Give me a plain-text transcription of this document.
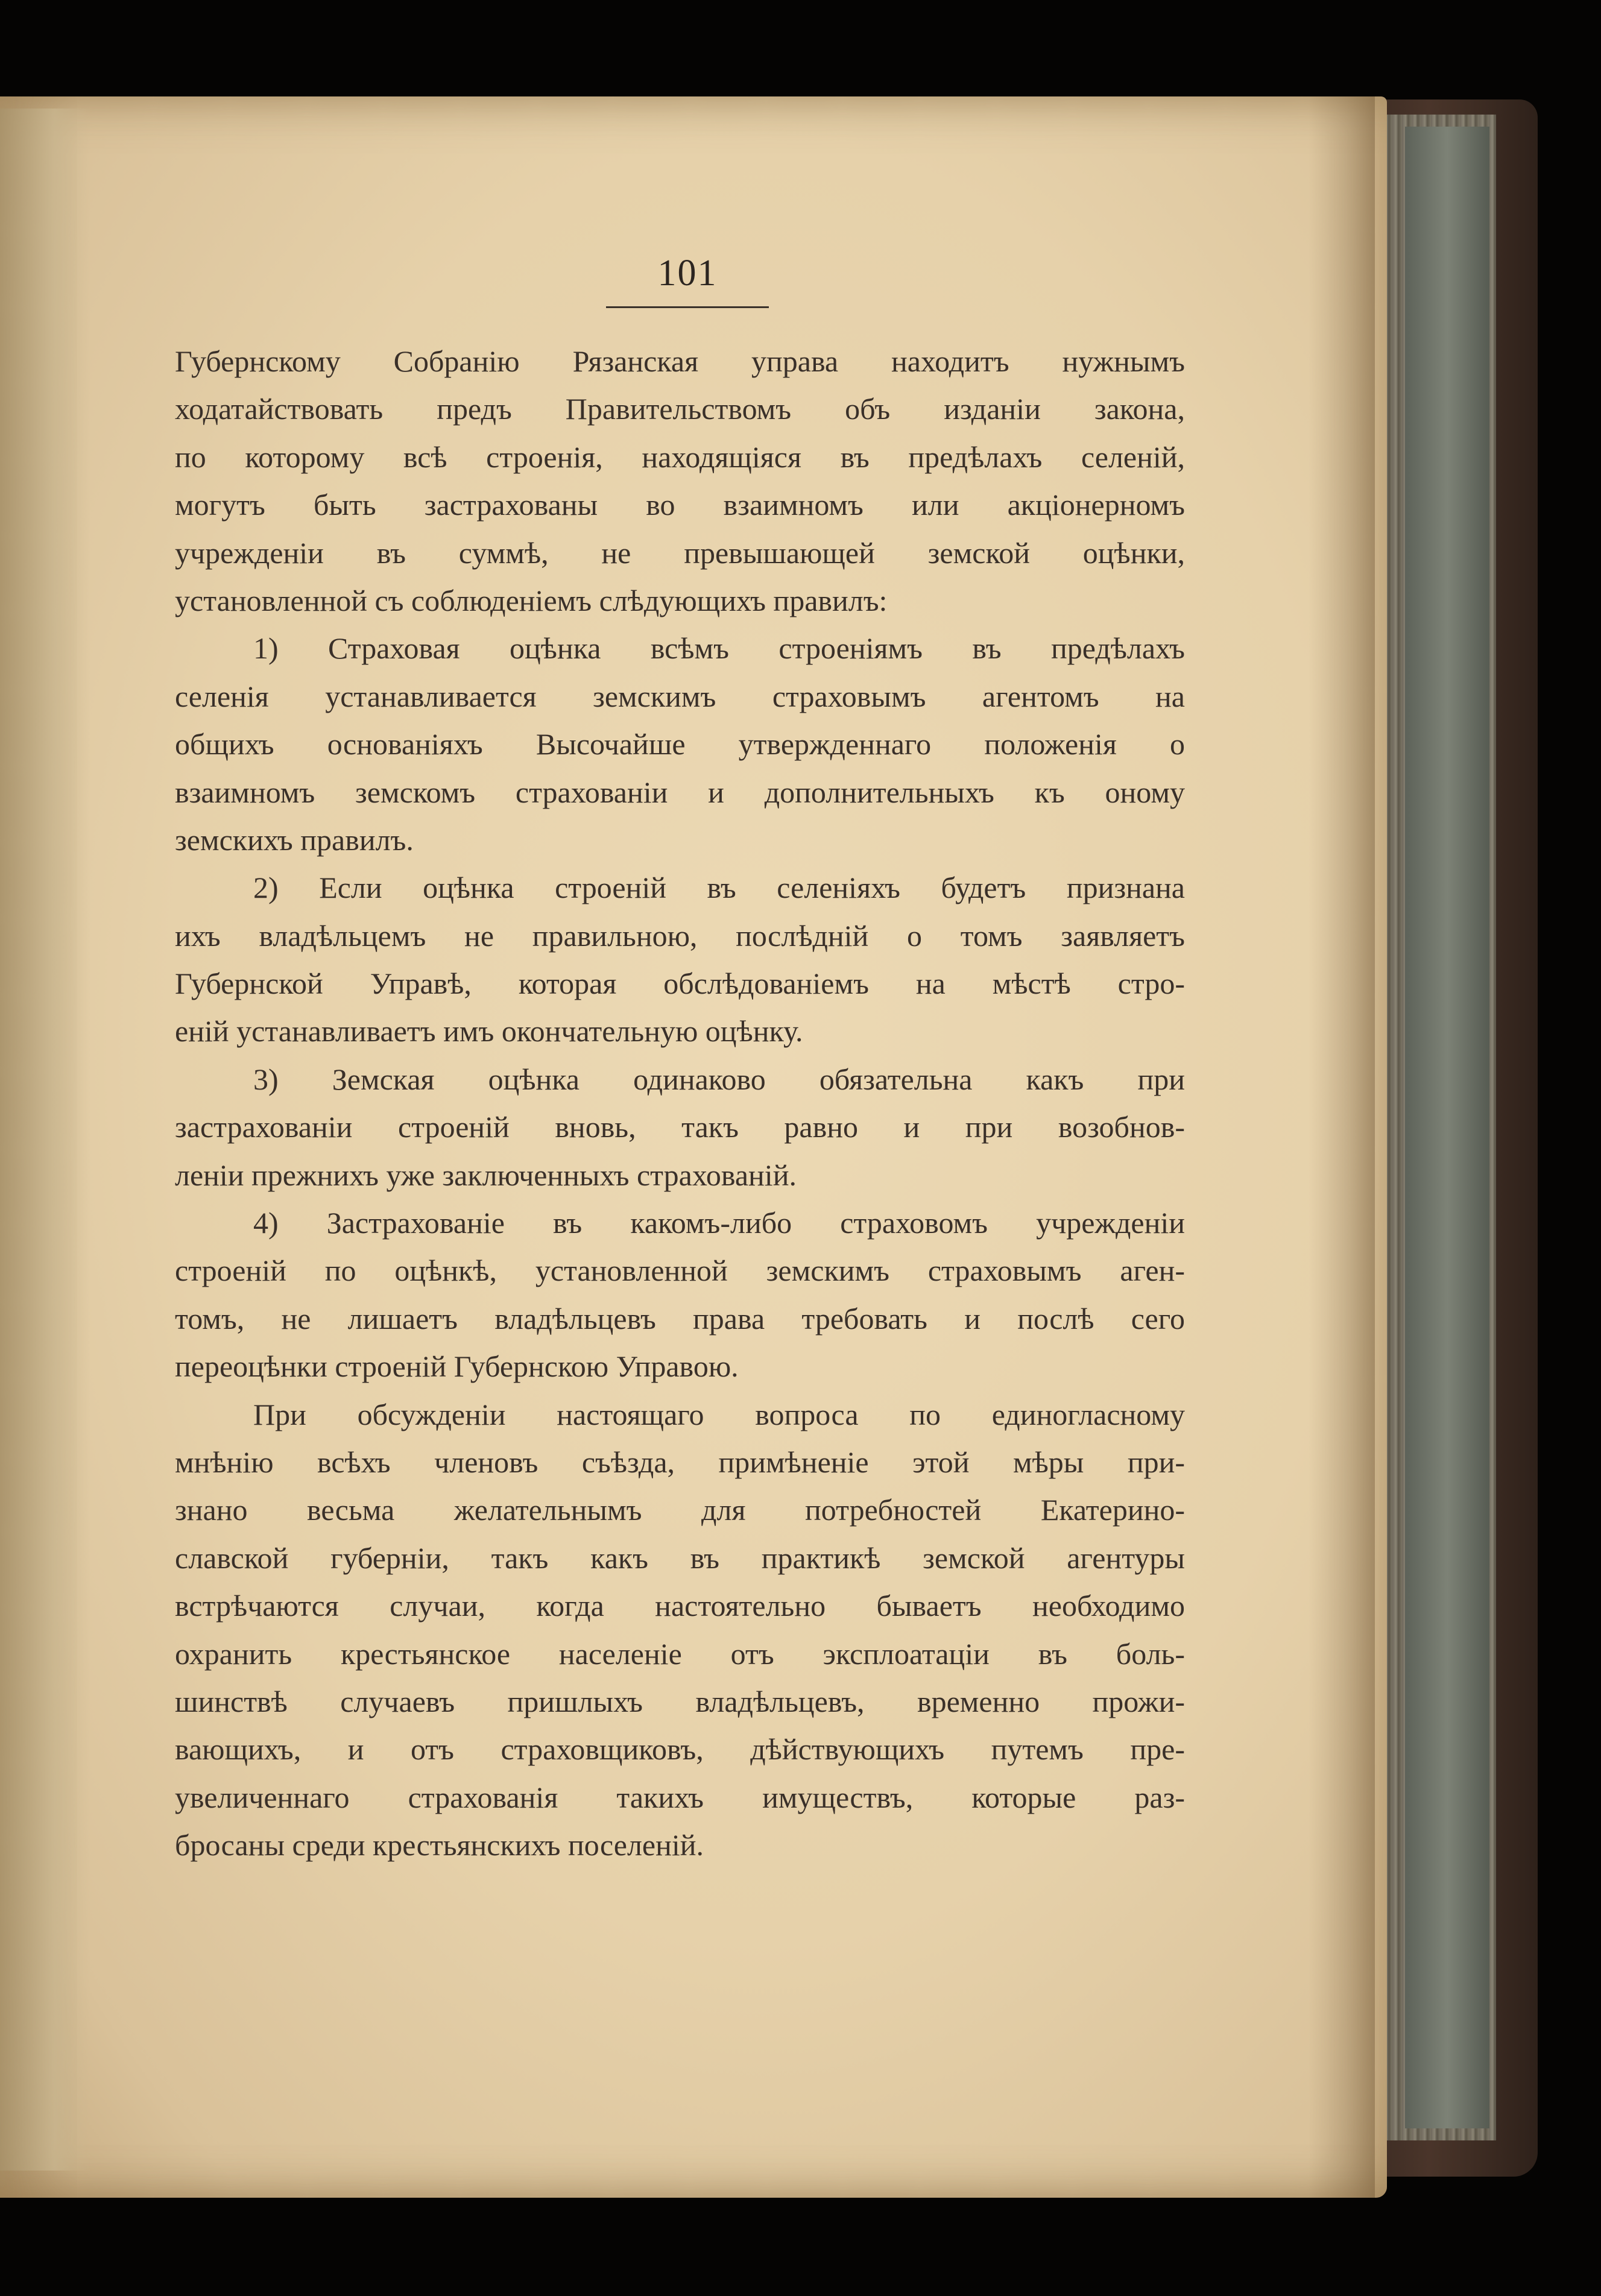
101
Губернскому Собранію Рязанская управа находитъ нужнымъ
ходатайствовать предъ Правительствомъ объ изданіи закона,
по которому всѣ строенія, находящіяся въ предѣлахъ селеній,
могутъ быть застрахованы во взаимномъ или акціонерномъ
учрежденіи въ суммѣ, не превышающей земской оцѣнки,
установленной съ соблюденіемъ слѣдующихъ правилъ:
1) Страховая оцѣнка всѣмъ строеніямъ въ предѣлахъ
селенія устанавливается земскимъ страховымъ агентомъ на
общихъ основаніяхъ Высочайше утвержденнаго положенія о
взаимномъ земскомъ страхованіи и дополнительныхъ къ оному
земскихъ правилъ.
2) Если оцѣнка строеній въ селеніяхъ будетъ признана
ихъ владѣльцемъ не правильною, послѣдній о томъ заявляетъ
Губернской Управѣ, которая обслѣдованіемъ на мѣстѣ стро-
еній устанавливаетъ имъ окончательную оцѣнку.
3) Земская оцѣнка одинаково обязательна какъ при
застрахованіи строеній вновь, такъ равно и при возобнов-
леніи прежнихъ уже заключенныхъ страхованій.
4) Застрахованіе въ какомъ-либо страховомъ учрежденіи
строеній по оцѣнкѣ, установленной земскимъ страховымъ аген-
томъ, не лишаетъ владѣльцевъ права требовать и послѣ сего
переоцѣнки строеній Губернскою Управою.
При обсужденіи настоящаго вопроса по единогласному
мнѣнію всѣхъ членовъ съѣзда, примѣненіе этой мѣры при-
знано весьма желательнымъ для потребностей Екатерино-
славской губерніи, такъ какъ въ практикѣ земской агентуры
встрѣчаются случаи, когда настоятельно бываетъ необходимо
охранить крестьянское населеніе отъ эксплоатаціи въ боль-
шинствѣ случаевъ пришлыхъ владѣльцевъ, временно прожи-
вающихъ, и отъ страховщиковъ, дѣйствующихъ путемъ пре-
увеличеннаго страхованія такихъ имуществъ, которые раз-
бросаны среди крестьянскихъ поселеній.
